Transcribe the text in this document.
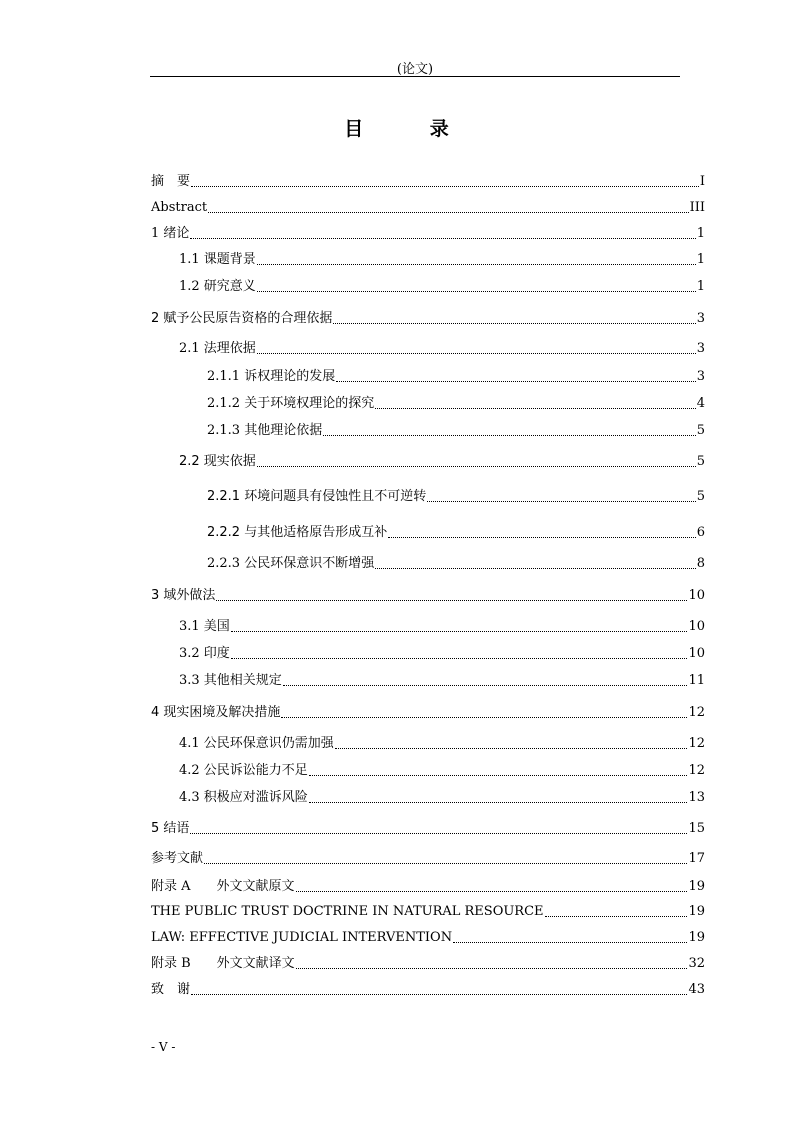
(论文)
目 录
摘　要	I
Abstract	III
1 绪论	1
1.1 课题背景	1
1.2 研究意义	1
2 赋予公民原告资格的合理依据	3
2.1 法理依据	3
2.1.1 诉权理论的发展	3
2.1.2 关于环境权理论的探究	4
2.1.3 其他理论依据	5
2.2 现实依据	5
2.2.1 环境问题具有侵蚀性且不可逆转	5
2.2.2 与其他适格原告形成互补	6
2.2.3 公民环保意识不断增强	8
3 域外做法	10
3.1 美国	10
3.2 印度	10
3.3 其他相关规定	11
4 现实困境及解决措施	12
4.1 公民环保意识仍需加强	12
4.2 公民诉讼能力不足	12
4.3 积极应对滥诉风险	13
5 结语	15
参考文献	17
附录 A　　外文文献原文	19
THE PUBLIC TRUST DOCTRINE IN NATURAL RESOURCE	19
LAW: EFFECTIVE JUDICIAL INTERVENTION	19
附录 B　　外文文献译文	32
致　谢	43
- V -
